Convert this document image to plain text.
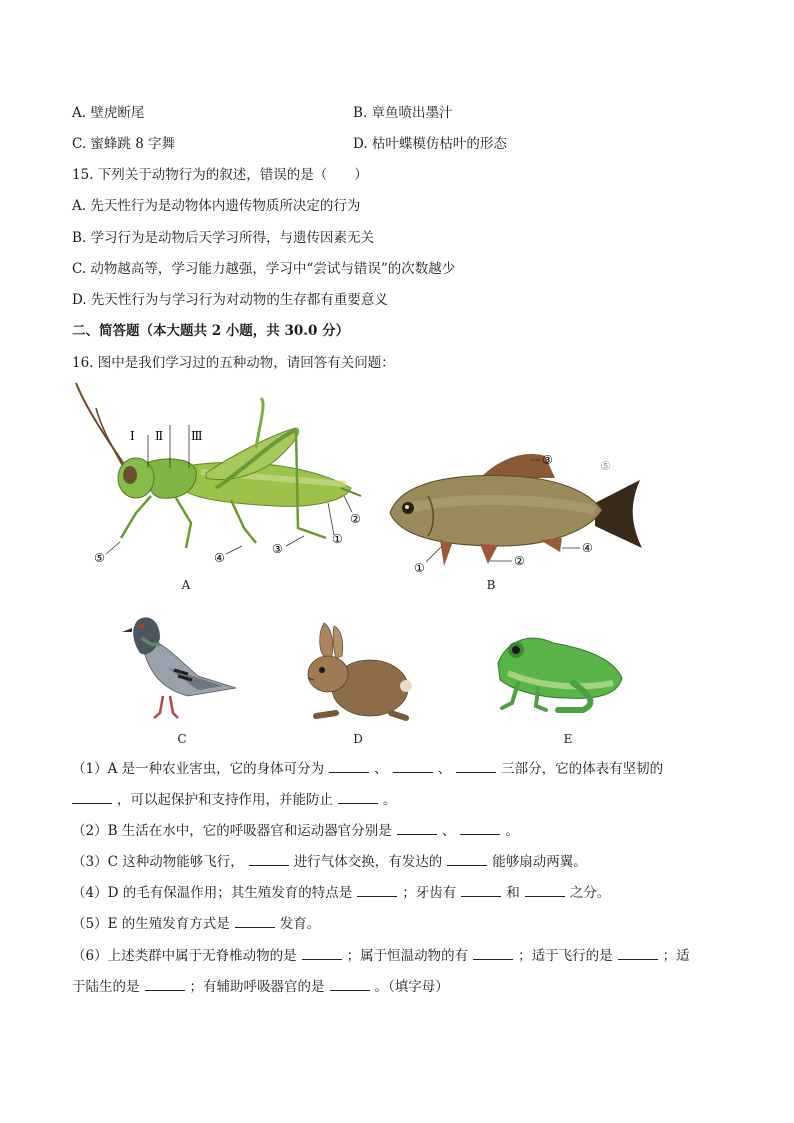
A. 壁虎断尾	B. 章鱼喷出墨汁
C. 蜜蜂跳 8 字舞	D. 枯叶蝶模仿枯叶的形态
15. 下列关于动物行为的叙述，错误的是（　　）
A. 先天性行为是动物体内遗传物质所决定的行为
B. 学习行为是动物后天学习所得，与遗传因素无关
C. 动物越高等，学习能力越强，学习中“尝试与错误”的次数越少
D. 先天性行为与学习行为对动物的生存都有重要意义
二、简答题（本大题共 2 小题，共 30.0 分）
16. 图中是我们学习过的五种动物，请回答有关问题：
Ⅰ Ⅱ Ⅲ
②
①
③
④
⑤
A
③	⑤
④
②
①
B
C	D	E
（1）A 是一种农业害虫，它的身体可分为	、	、	三部分，它的体表有坚韧的
，可以起保护和支持作用，并能防止	。
（2）B 生活在水中，它的呼吸器官和运动器官分别是	、	。
（3）C 这种动物能够飞行，	进行气体交换，有发达的	能够扇动两翼。
（4）D 的毛有保温作用；其生殖发育的特点是	；牙齿有	和	之分。
（5）E 的生殖发育方式是	发育。
（6）上述类群中属于无脊椎动物的是	；属于恒温动物的有	；适于飞行的是	；适
于陆生的是	；有辅助呼吸器官的是	。（填字母）
